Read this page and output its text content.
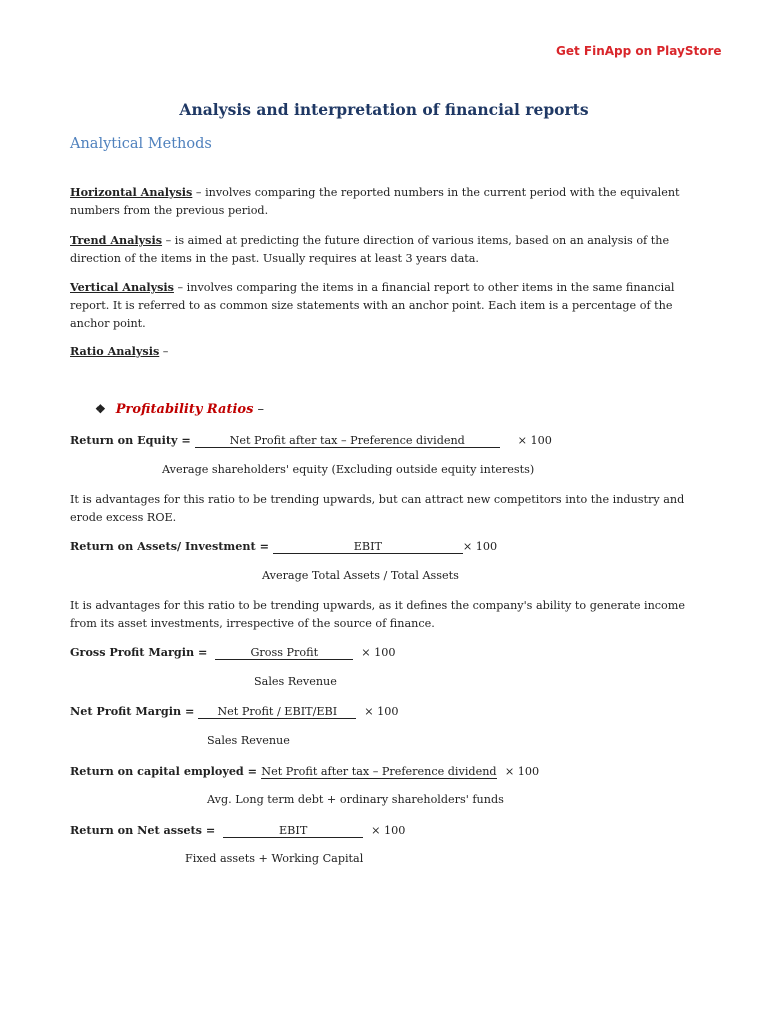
Get FinApp on PlayStore
Analysis and interpretation of financial reports
Analytical Methods
Horizontal Analysis – involves comparing the reported numbers in the current period with the equivalent numbers from the previous period.
Trend Analysis – is aimed at predicting the future direction of various items, based on an analysis of the direction of the items in the past. Usually requires at least 3 years data.
Vertical Analysis – involves comparing the items in a financial report to other items in the same financial report. It is referred to as common size statements with an anchor point. Each item is a percentage of the anchor point.
Ratio Analysis –
❖ Profitability Ratios –
Return on Equity =	Net Profit after tax – Preference dividend	× 100
Average shareholders' equity (Excluding outside equity interests)
It is advantages for this ratio to be trending upwards, but can attract new competitors into the industry and erode excess ROE.
Return on Assets/ Investment =	EBIT	× 100
Average Total Assets / Total Assets
It is advantages for this ratio to be trending upwards, as it defines the company's ability to generate income from its asset investments, irrespective of the source of finance.
Gross Profit Margin =	Gross Profit	× 100
Sales Revenue
Net Profit Margin = Net Profit / EBIT/EBI × 100
Sales Revenue
Return on capital employed = Net Profit after tax – Preference dividend × 100
Avg. Long term debt + ordinary shareholders' funds
Return on Net assets =	EBIT	× 100
Fixed assets + Working Capital
